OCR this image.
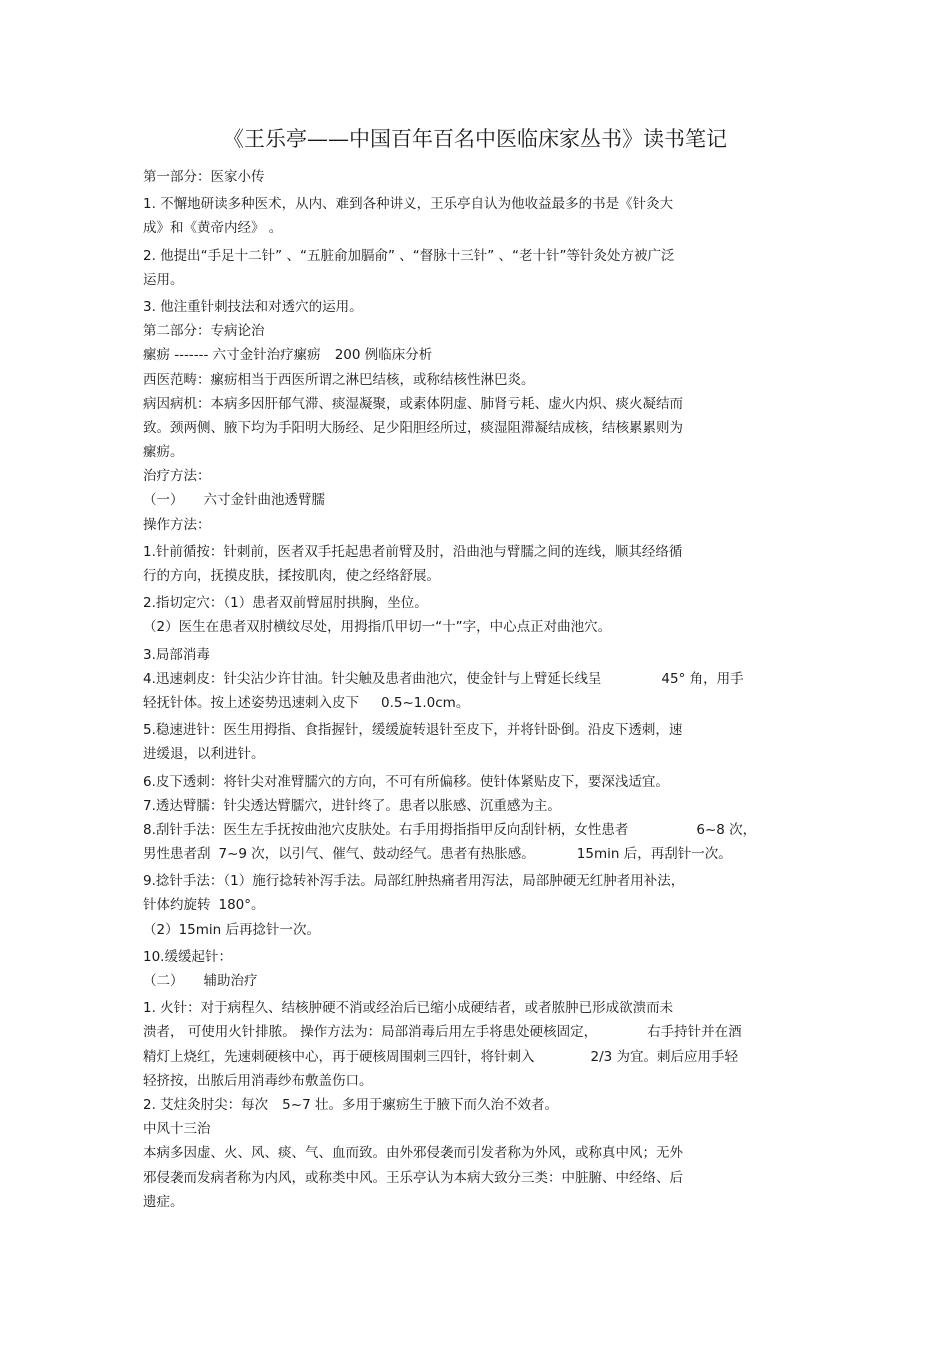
《王乐亭——中国百年百名中医临床家丛书》读书笔记
第一部分：医家小传
1. 不懈地研读多种医术，从内、难到各种讲义，王乐亭自认为他收益最多的书是《针灸大
成》和《黄帝内经》 。
2. 他提出“手足十二针” 、“五脏俞加膈俞” 、“督脉十三针” 、“老十针”等针灸处方被广泛
运用。
3. 他注重针刺技法和对透穴的运用。
第二部分：专病论治
瘰疬 ------- 六寸金针治疗瘰疬 200 例临床分析
西医范畴：瘰疬相当于西医所谓之淋巴结核，或称结核性淋巴炎。
病因病机：本病多因肝郁气滞、痰湿凝聚，或素体阴虚、肺肾亏耗、虚火内炽、痰火凝结而
致。颈两侧、腋下均为手阳明大肠经、足少阳胆经所过，痰湿阻滞凝结成核，结核累累则为
瘰疬。
治疗方法：
（一） 六寸金针曲池透臂臑
操作方法：
1.针前循按：针刺前，医者双手托起患者前臂及肘，沿曲池与臂臑之间的连线，顺其经络循
行的方向，抚摸皮肤，揉按肌肉，使之经络舒展。
2.指切定穴：（1）患者双前臂屈肘拱胸，坐位。
（2）医生在患者双肘横纹尽处，用拇指爪甲切一“十”字，中心点正对曲池穴。
3.局部消毒
4.迅速刺皮：针尖沾少许甘油。针尖触及患者曲池穴，使金针与上臂延长线呈	45° 角，用手
轻抚针体。按上述姿势迅速刺入皮下 0.5~1.0cm。
5.稳速进针：医生用拇指、食指握针，缓缓旋转退针至皮下，并将针卧倒。沿皮下透刺，速
进缓退，以利进针。
6.皮下透刺：将针尖对准臂臑穴的方向，不可有所偏移。使针体紧贴皮下，要深浅适宜。
7.透达臂臑：针尖透达臂臑穴，进针终了。患者以胀感、沉重感为主。
8.刮针手法：医生左手抚按曲池穴皮肤处。右手用拇指指甲反向刮针柄，女性患者	6~8 次，
男性患者刮 7~9 次，以引气、催气、鼓动经气。患者有热胀感。	15min 后，再刮针一次。
9.捻针手法：（1）施行捻转补泻手法。局部红肿热痛者用泻法，局部肿硬无红肿者用补法，
针体约旋转 180°。
（2）15min 后再捻针一次。
10.缓缓起针：
（二） 辅助治疗
1. 火针：对于病程久、结核肿硬不消或经治后已缩小成硬结者，或者脓肿已形成欲溃而未
溃者， 可使用火针排脓。 操作方法为：局部消毒后用左手将患处硬核固定，	右手持针并在酒
精灯上烧红，先速刺硬核中心，再于硬核周围刺三四针，将针刺入	2/3 为宜。刺后应用手轻
轻挤按，出脓后用消毒纱布敷盖伤口。
2. 艾炷灸肘尖：每次 5~7 壮。多用于瘰疬生于腋下而久治不效者。
中风十三治
本病多因虚、火、风、痰、气、血而致。由外邪侵袭而引发者称为外风，或称真中风；无外
邪侵袭而发病者称为内风，或称类中风。王乐亭认为本病大致分三类：中脏腑、中经络、后
遗症。
